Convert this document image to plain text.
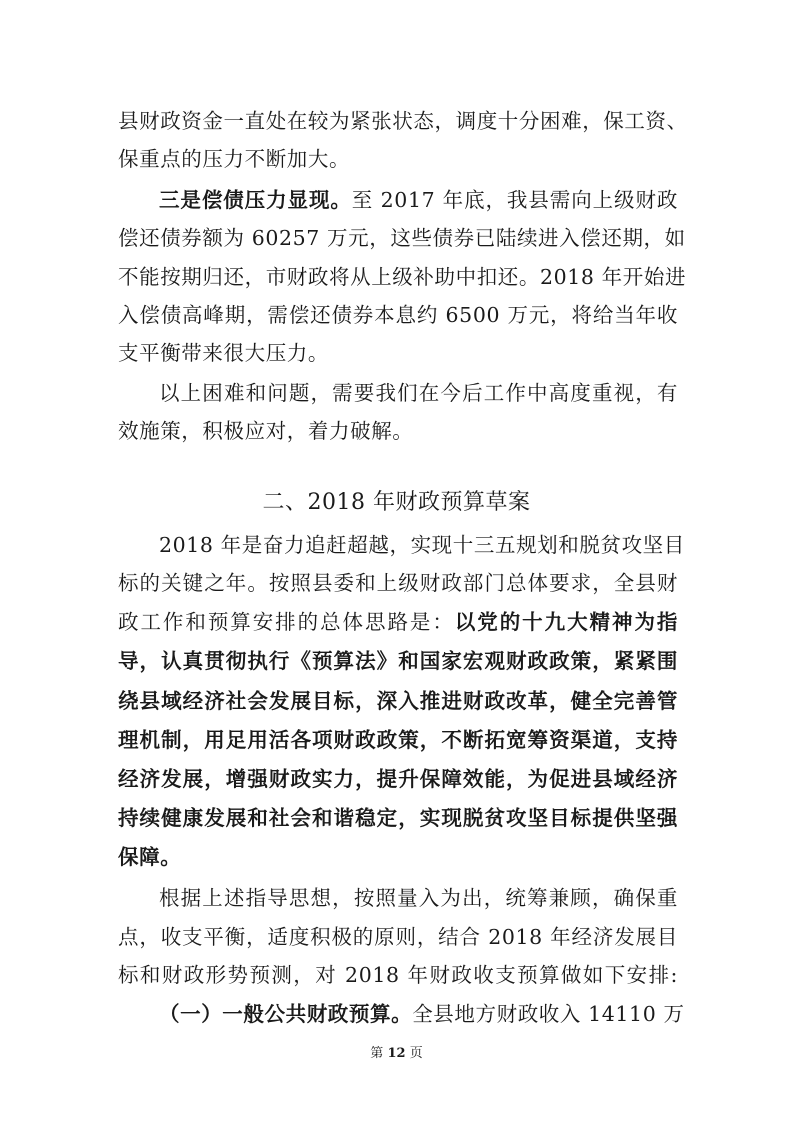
县财政资金一直处在较为紧张状态，调度十分困难，保工资、
保重点的压力不断加大。
三是偿债压力显现。至 2017 年底，我县需向上级财政
偿还债券额为 60257 万元，这些债券已陆续进入偿还期，如
不能按期归还，市财政将从上级补助中扣还。2018 年开始进
入偿债高峰期，需偿还债券本息约 6500 万元，将给当年收
支平衡带来很大压力。
以上困难和问题，需要我们在今后工作中高度重视，有
效施策，积极应对，着力破解。
二、2018 年财政预算草案
2018 年是奋力追赶超越，实现十三五规划和脱贫攻坚目
标的关键之年。按照县委和上级财政部门总体要求，全县财
政工作和预算安排的总体思路是：以党的十九大精神为指
导，认真贯彻执行《预算法》和国家宏观财政政策，紧紧围
绕县域经济社会发展目标，深入推进财政改革，健全完善管
理机制，用足用活各项财政政策，不断拓宽筹资渠道，支持
经济发展，增强财政实力，提升保障效能，为促进县域经济
持续健康发展和社会和谐稳定，实现脱贫攻坚目标提供坚强
保障。
根据上述指导思想，按照量入为出，统筹兼顾，确保重
点，收支平衡，适度积极的原则，结合 2018 年经济发展目
标和财政形势预测，对 2018 年财政收支预算做如下安排:
（一）一般公共财政预算。全县地方财政收入 14110 万
第 12 页
